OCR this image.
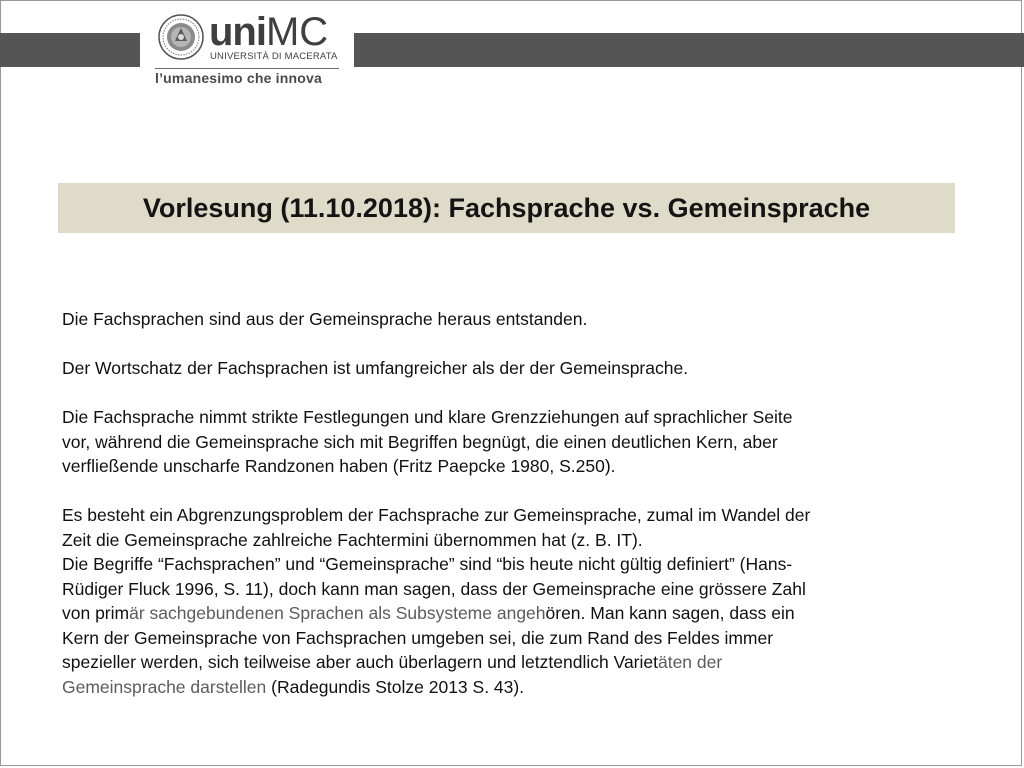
uniMC
UNIVERSITÀ DI MACERATA
l’umanesimo che innova
Vorlesung (11.10.2018): Fachsprache vs. Gemeinsprache

Die Fachsprachen sind aus der Gemeinsprache heraus entstanden.

Der Wortschatz der Fachsprachen ist umfangreicher als der der Gemeinsprache.

Die Fachsprache nimmt strikte Festlegungen und klare Grenzziehungen auf sprachlicher Seite

vor, während die Gemeinsprache sich mit Begriffen begnügt, die einen deutlichen Kern, aber

verfließende unscharfe Randzonen haben (Fritz Paepcke 1980, S.250).

Es besteht ein Abgrenzungsproblem der Fachsprache zur Gemeinsprache, zumal im Wandel der

Zeit die Gemeinsprache zahlreiche Fachtermini übernommen hat (z. B. IT).

Die Begriffe “Fachsprachen” und “Gemeinsprache” sind “bis heute nicht gültig definiert” (Hans-

Rüdiger Fluck 1996, S. 11), doch kann man sagen, dass der Gemeinsprache eine grössere Zahl

von primär sachgebundenen Sprachen als Subsysteme angehören. Man kann sagen, dass ein

Kern der Gemeinsprache von Fachsprachen umgeben sei, die zum Rand des Feldes immer

spezieller werden, sich teilweise aber auch überlagern und letztendlich Varietäten der

Gemeinsprache darstellen (Radegundis Stolze 2013 S. 43).
